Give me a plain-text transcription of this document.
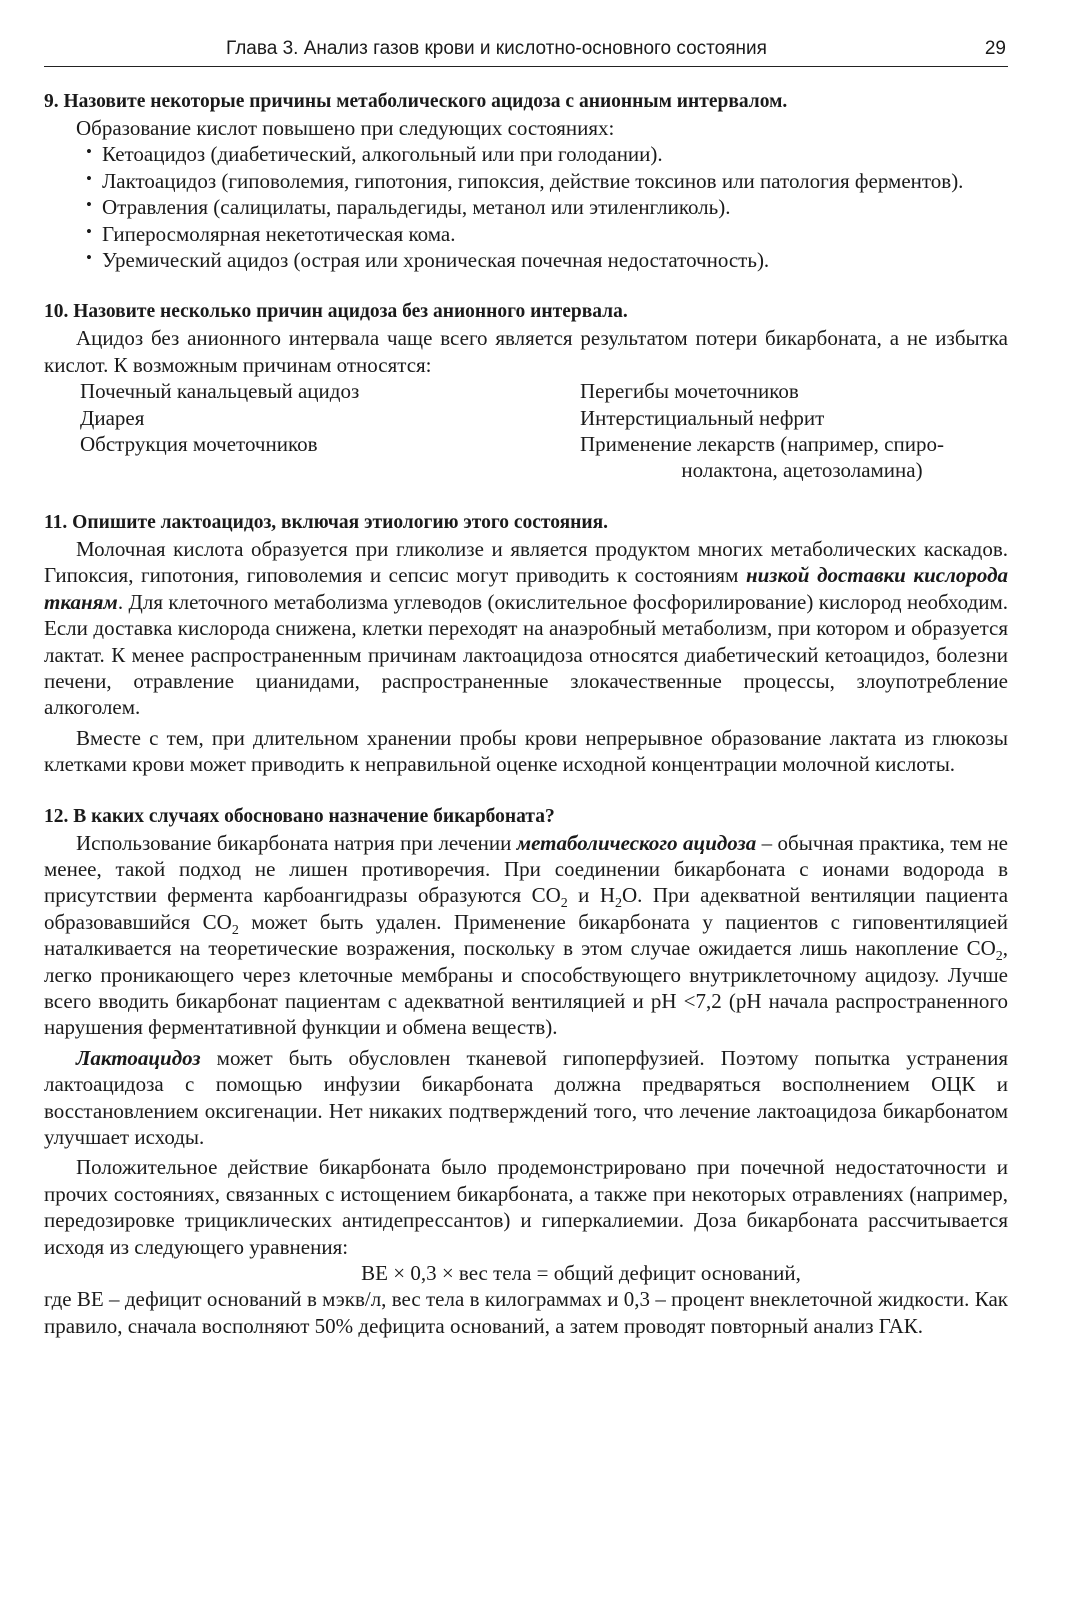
Глава 3. Анализ газов крови и кислотно-основного состояния	29

9. Назовите некоторые причины метаболического ацидоза с анионным интервалом.

Образование кислот повышено при следующих состояниях:

• Кетоацидоз (диабетический, алкогольный или при голодании).
• Лактоацидоз (гиповолемия, гипотония, гипоксия, действие токсинов или патология ферментов).
• Отравления (салицилаты, паральдегиды, метанол или этиленгликоль).
• Гиперосмолярная некетотическая кома.
• Уремический ацидоз (острая или хроническая почечная недостаточность).

10. Назовите несколько причин ацидоза без анионного интервала.

Ацидоз без анионного интервала чаще всего является результатом потери бикарбоната, а не избытка кислот. К возможным причинам относятся:

Почечный канальцевый ацидоз	Перегибы мочеточников
Диарея	Интерстициальный нефрит
Обструкция мочеточников	Применение лекарств (например, спиро-
нолактона, ацетозоламина)

11. Опишите лактоацидоз, включая этиологию этого состояния.

Молочная кислота образуется при гликолизе и является продуктом многих метаболических каскадов. Гипоксия, гипотония, гиповолемия и сепсис могут приводить к состояниям низкой доставки кислорода тканям. Для клеточного метаболизма углеводов (окислительное фосфорилирование) кислород необходим. Если доставка кислорода снижена, клетки переходят на анаэробный метаболизм, при котором и образуется лактат. К менее распространенным причинам лактоацидоза относятся диабетический кетоацидоз, болезни печени, отравление цианидами, распространенные злокачественные процессы, злоупотребление алкоголем.

Вместе с тем, при длительном хранении пробы крови непрерывное образование лактата из глюкозы клетками крови может приводить к неправильной оценке исходной концентрации молочной кислоты.

12. В каких случаях обосновано назначение бикарбоната?

Использование бикарбоната натрия при лечении метаболического ацидоза – обычная практика, тем не менее, такой подход не лишен противоречия. При соединении бикарбоната с ионами водорода в присутствии фермента карбоангидразы образуются $CO_2$ и $H_2O$. При адекватной вентиляции пациента образовавшийся $CO_2$ может быть удален. Применение бикарбоната у пациентов с гиповентиляцией наталкивается на теоретические возражения, поскольку в этом случае ожидается лишь накопление $CO_2$, легко проникающего через клеточные мембраны и способствующего внутриклеточному ацидозу. Лучше всего вводить бикарбонат пациентам с адекватной вентиляцией и pH <7,2 (pH начала распространенного нарушения ферментативной функции и обмена веществ).

Лактоацидоз может быть обусловлен тканевой гипоперфузией. Поэтому попытка устранения лактоацидоза с помощью инфузии бикарбоната должна предваряться восполнением ОЦК и восстановлением оксигенации. Нет никаких подтверждений того, что лечение лактоацидоза бикарбонатом улучшает исходы.

Положительное действие бикарбоната было продемонстрировано при почечной недостаточности и прочих состояниях, связанных с истощением бикарбоната, а также при некоторых отравлениях (например, передозировке трициклических антидепрессантов) и гиперкалиемии. Доза бикарбоната рассчитывается исходя из следующего уравнения:

BE × 0,3 × вес тела = общий дефицит оснований,

где BE – дефицит оснований в мэкв/л, вес тела в килограммах и 0,3 – процент внеклеточной жидкости. Как правило, сначала восполняют 50% дефицита оснований, а затем проводят повторный анализ ГАК.
